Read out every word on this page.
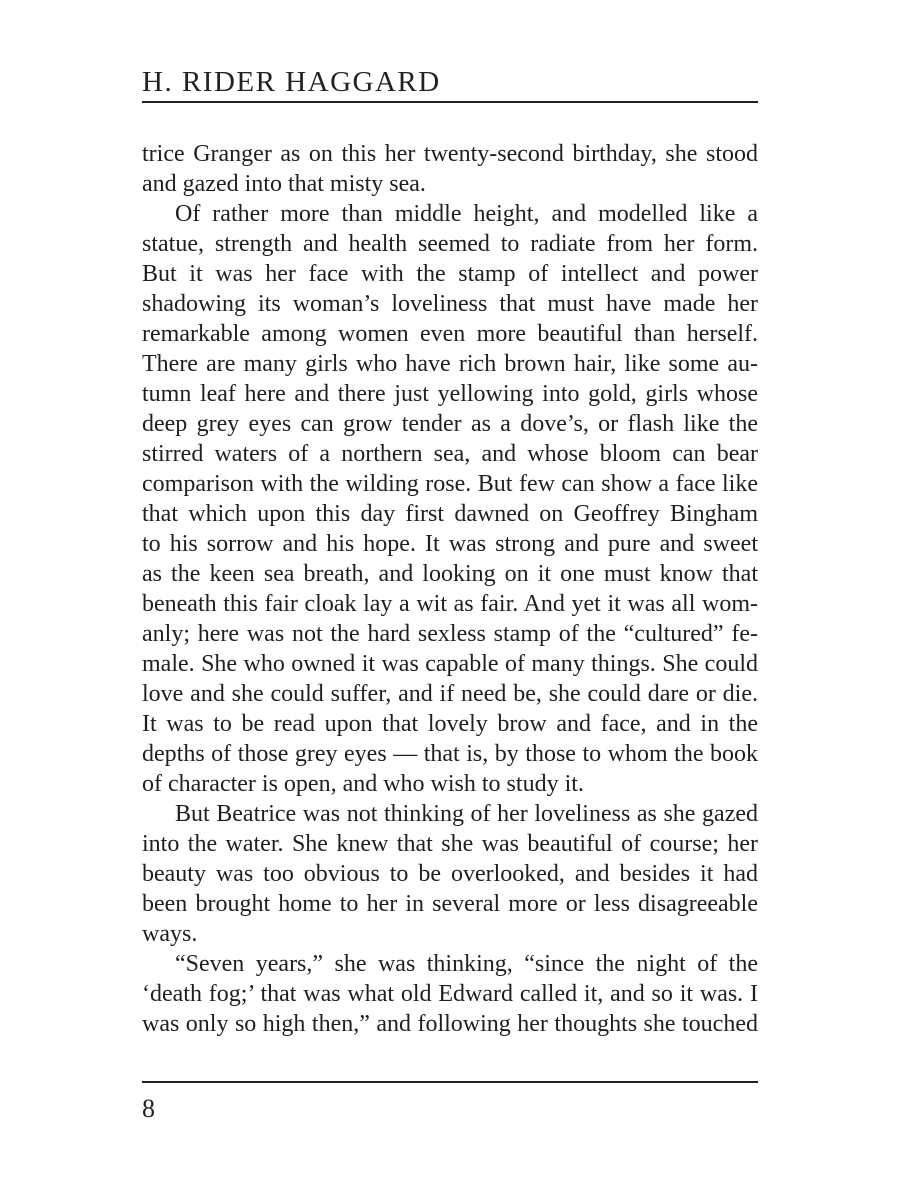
H. RIDER HAGGARD
trice Granger as on this her twenty-second birthday, she stood
and gazed into that misty sea.
Of rather more than middle height, and modelled like a
statue, strength and health seemed to radiate from her form.
But it was her face with the stamp of intellect and power
shadowing its woman’s loveliness that must have made her
remarkable among women even more beautiful than herself.
There are many girls who have rich brown hair, like some au-
tumn leaf here and there just yellowing into gold, girls whose
deep grey eyes can grow tender as a dove’s, or flash like the
stirred waters of a northern sea, and whose bloom can bear
comparison with the wilding rose. But few can show a face like
that which upon this day first dawned on Geoffrey Bingham
to his sorrow and his hope. It was strong and pure and sweet
as the keen sea breath, and looking on it one must know that
beneath this fair cloak lay a wit as fair. And yet it was all wom-
anly; here was not the hard sexless stamp of the “cultured” fe-
male. She who owned it was capable of many things. She could
love and she could suffer, and if need be, she could dare or die.
It was to be read upon that lovely brow and face, and in the
depths of those grey eyes — that is, by those to whom the book
of character is open, and who wish to study it.
But Beatrice was not thinking of her loveliness as she gazed
into the water. She knew that she was beautiful of course; her
beauty was too obvious to be overlooked, and besides it had
been brought home to her in several more or less disagreeable
ways.
“Seven years,” she was thinking, “since the night of the
‘death fog;’ that was what old Edward called it, and so it was. I
was only so high then,” and following her thoughts she touched
8
